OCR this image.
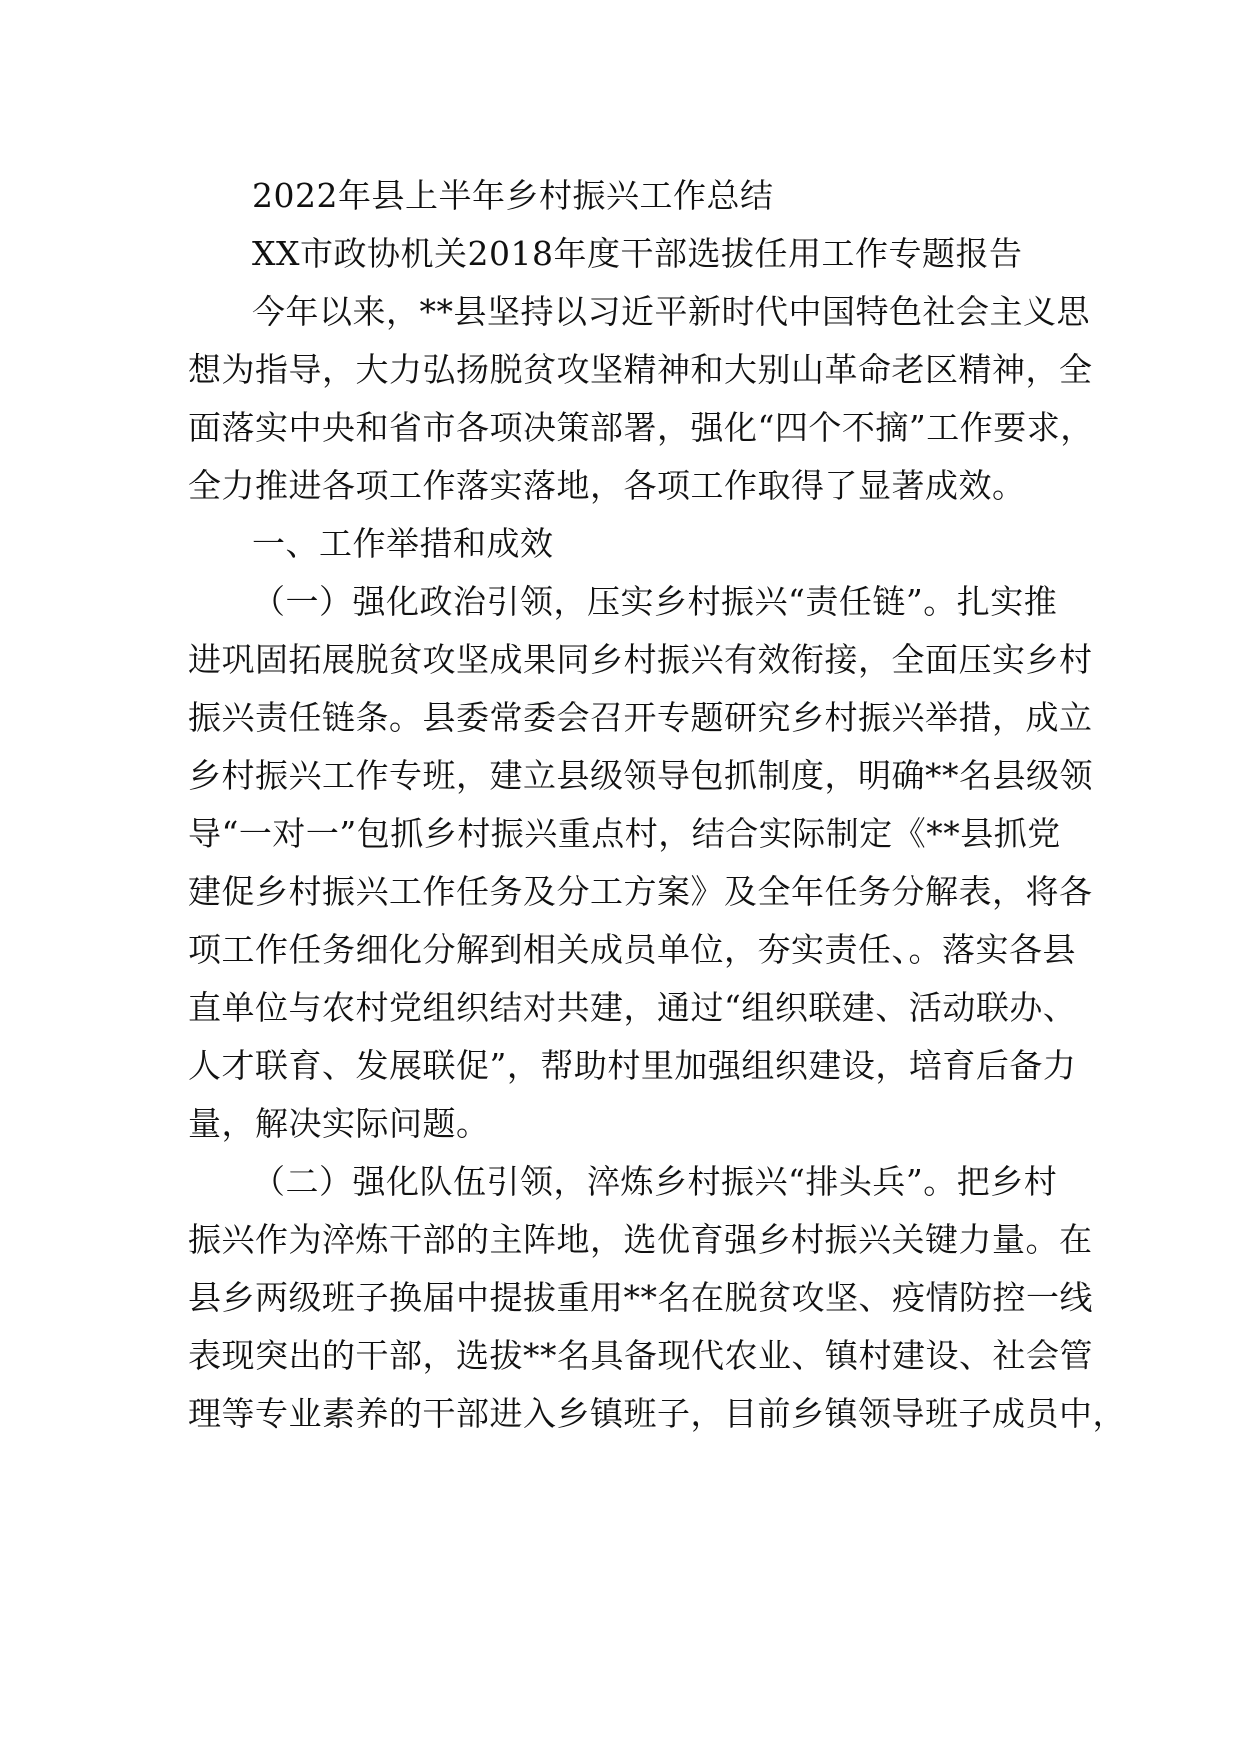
2022年县上半年乡村振兴工作总结
XX市政协机关2018年度干部选拔任用工作专题报告
今年以来，**县坚持以习近平新时代中国特色社会主义思
想为指导，大力弘扬脱贫攻坚精神和大别山革命老区精神，全
面落实中央和省市各项决策部署，强化“四个不摘”工作要求，
全力推进各项工作落实落地，各项工作取得了显著成效。
一、工作举措和成效
（一）强化政治引领，压实乡村振兴“责任链”。扎实推
进巩固拓展脱贫攻坚成果同乡村振兴有效衔接，全面压实乡村
振兴责任链条。县委常委会召开专题研究乡村振兴举措，成立
乡村振兴工作专班，建立县级领导包抓制度，明确**名县级领
导“一对一”包抓乡村振兴重点村，结合实际制定《**县抓党
建促乡村振兴工作任务及分工方案》及全年任务分解表，将各
项工作任务细化分解到相关成员单位，夯实责任、。落实各县
直单位与农村党组织结对共建，通过“组织联建、活动联办、
人才联育、发展联促”，帮助村里加强组织建设，培育后备力
量，解决实际问题。
（二）强化队伍引领，淬炼乡村振兴“排头兵”。把乡村
振兴作为淬炼干部的主阵地，选优育强乡村振兴关键力量。在
县乡两级班子换届中提拔重用**名在脱贫攻坚、疫情防控一线
表现突出的干部，选拔**名具备现代农业、镇村建设、社会管
理等专业素养的干部进入乡镇班子，目前乡镇领导班子成员中，
